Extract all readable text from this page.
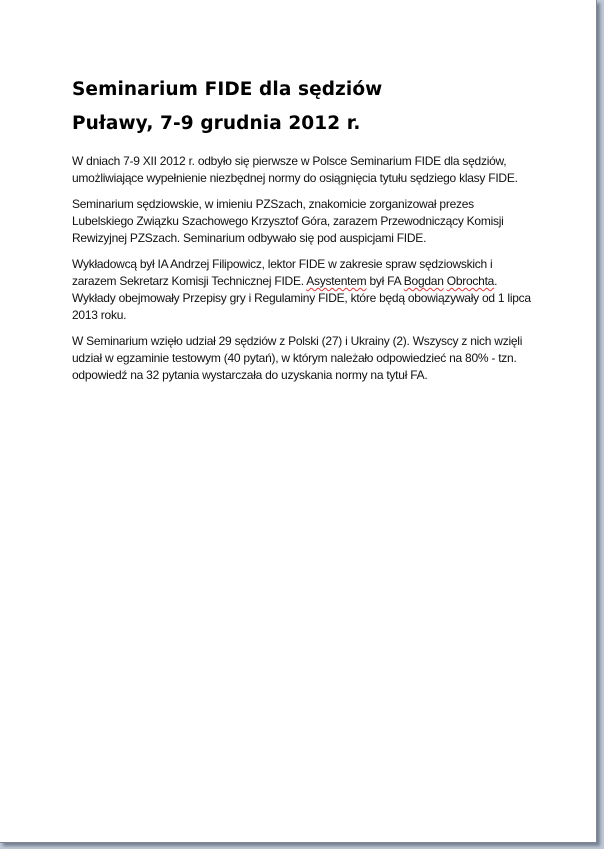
Seminarium FIDE dla sędziów
Puławy, 7-9 grudnia 2012 r.

W dniach 7-9 XII 2012 r. odbyło się pierwsze w Polsce Seminarium FIDE dla sędziów, umożliwiające wypełnienie niezbędnej normy do osiągnięcia tytułu sędziego klasy FIDE.

Seminarium sędziowskie, w imieniu PZSzach, znakomicie zorganizował prezes Lubelskiego Związku Szachowego Krzysztof Góra, zarazem Przewodniczący Komisji Rewizyjnej PZSzach. Seminarium odbywało się pod auspicjami FIDE.

Wykładowcą był IA Andrzej Filipowicz, lektor FIDE w zakresie spraw sędziowskich i zarazem Sekretarz Komisji Technicznej FIDE. Asystentem był FA Bogdan Obrochta. Wykłady obejmowały Przepisy gry i Regulaminy FIDE, które będą obowiązywały od 1 lipca 2013 roku.

W Seminarium wzięło udział 29 sędziów z Polski (27) i Ukrainy (2). Wszyscy z nich wzięli udział w egzaminie testowym (40 pytań), w którym należało odpowiedzieć na 80% - tzn. odpowiedź na 32 pytania wystarczała do uzyskania normy na tytuł FA.
